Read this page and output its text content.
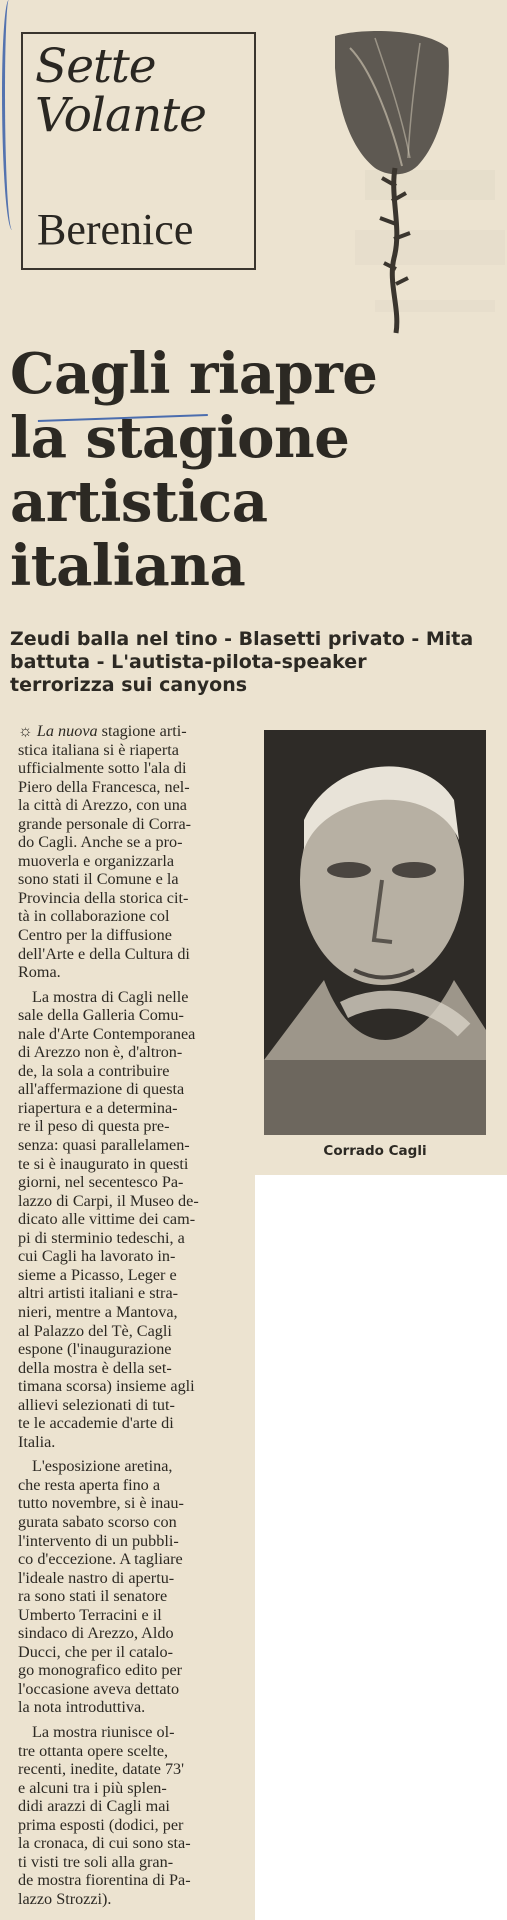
Sette
Volante
Berenice
Cagli riapre
la stagione
artistica
italiana
Zeudi balla nel tino - Blasetti privato - Mita
battuta - L'autista-pilota-speaker
terrorizza sui canyons
☼ La nuova stagione arti-
stica italiana si è riaperta
ufficialmente sotto l'ala di
Piero della Francesca, nel-
la città di Arezzo, con una
grande personale di Corra-
do Cagli. Anche se a pro-
muoverla e organizzarla
sono stati il Comune e la
Provincia della storica cit-
tà in collaborazione col
Centro per la diffusione
dell'Arte e della Cultura di
Roma.
La mostra di Cagli nelle
sale della Galleria Comu-
nale d'Arte Contemporanea
di Arezzo non è, d'altron-
de, la sola a contribuire
all'affermazione di questa
riapertura e a determina-
re il peso di questa pre-
senza: quasi parallelamen-
te si è inaugurato in questi
giorni, nel secentesco Pa-
lazzo di Carpi, il Museo de-
dicato alle vittime dei cam-
pi di sterminio tedeschi, a
cui Cagli ha lavorato in-
sieme a Picasso, Leger e
altri artisti italiani e stra-
nieri, mentre a Mantova,
al Palazzo del Tè, Cagli
espone (l'inaugurazione
della mostra è della set-
timana scorsa) insieme agli
allievi selezionati di tut-
te le accademie d'arte di
Italia.
L'esposizione aretina,
che resta aperta fino a
tutto novembre, si è inau-
gurata sabato scorso con
l'intervento di un pubbli-
co d'eccezione. A tagliare
l'ideale nastro di apertu-
ra sono stati il senatore
Umberto Terracini e il
sindaco di Arezzo, Aldo
Ducci, che per il catalo-
go monografico edito per
l'occasione aveva dettato
la nota introduttiva.
La mostra riunisce ol-
tre ottanta opere scelte,
recenti, inedite, datate 73'
e alcuni tra i più splen-
didi arazzi di Cagli mai
prima esposti (dodici, per
la cronaca, di cui sono sta-
ti visti tre soli alla gran-
de mostra fiorentina di Pa-
lazzo Strozzi).
Corrado Cagli
